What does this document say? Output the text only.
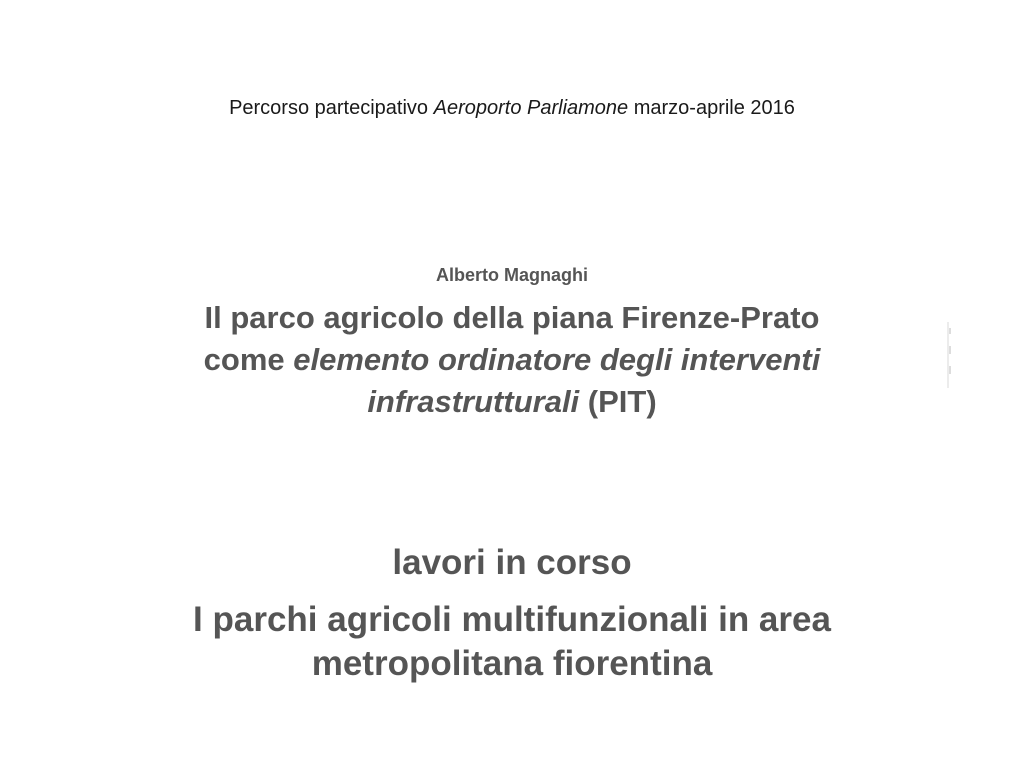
Percorso partecipativo Aeroporto Parliamone marzo-aprile 2016
Alberto Magnaghi
Il parco agricolo della piana Firenze-Prato
come elemento ordinatore degli interventi
infrastrutturali (PIT)
lavori in corso
I parchi agricoli multifunzionali in area
metropolitana fiorentina
